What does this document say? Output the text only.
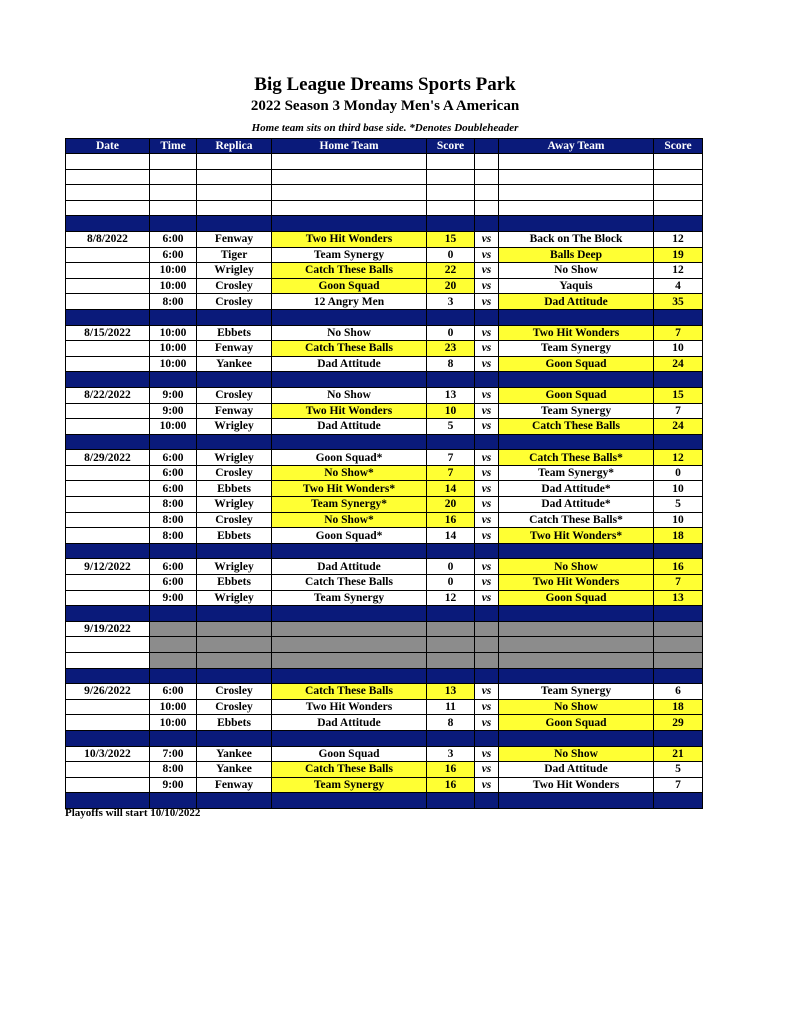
Big League Dreams Sports Park
2022 Season 3 Monday Men's A American
Home team sits on third base side. *Denotes Doubleheader
Date	Time	Replica	Home Team	Score		Away Team	Score

8/8/2022	6:00	Fenway	Two Hit Wonders	15	vs	Back on The Block	12
	6:00	Tiger	Team Synergy	0	vs	Balls Deep	19
	10:00	Wrigley	Catch These Balls	22	vs	No Show	12
	10:00	Crosley	Goon Squad	20	vs	Yaquis	4
	8:00	Crosley	12 Angry Men	3	vs	Dad Attitude	35

8/15/2022	10:00	Ebbets	No Show	0	vs	Two Hit Wonders	7
	10:00	Fenway	Catch These Balls	23	vs	Team Synergy	10
	10:00	Yankee	Dad Attitude	8	vs	Goon Squad	24

8/22/2022	9:00	Crosley	No Show	13	vs	Goon Squad	15
	9:00	Fenway	Two Hit Wonders	10	vs	Team Synergy	7
	10:00	Wrigley	Dad Attitude	5	vs	Catch These Balls	24

8/29/2022	6:00	Wrigley	Goon Squad*	7	vs	Catch These Balls*	12
	6:00	Crosley	No Show*	7	vs	Team Synergy*	0
	6:00	Ebbets	Two Hit Wonders*	14	vs	Dad Attitude*	10
	8:00	Wrigley	Team Synergy*	20	vs	Dad Attitude*	5
	8:00	Crosley	No Show*	16	vs	Catch These Balls*	10
	8:00	Ebbets	Goon Squad*	14	vs	Two Hit Wonders*	18

9/12/2022	6:00	Wrigley	Dad Attitude	0	vs	No Show	16
	6:00	Ebbets	Catch These Balls	0	vs	Two Hit Wonders	7
	9:00	Wrigley	Team Synergy	12	vs	Goon Squad	13

9/19/2022							

9/26/2022	6:00	Crosley	Catch These Balls	13	vs	Team Synergy	6
	10:00	Crosley	Two Hit Wonders	11	vs	No Show	18
	10:00	Ebbets	Dad Attitude	8	vs	Goon Squad	29

10/3/2022	7:00	Yankee	Goon Squad	3	vs	No Show	21
	8:00	Yankee	Catch These Balls	16	vs	Dad Attitude	5
	9:00	Fenway	Team Synergy	16	vs	Two Hit Wonders	7

Playoffs will start 10/10/2022
